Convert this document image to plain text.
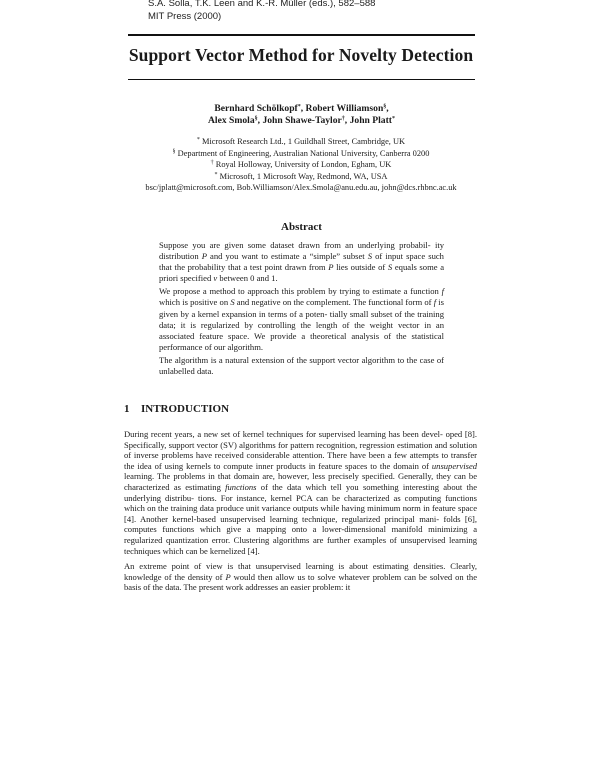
S.A. Solla, T.K. Leen and K.-R. Müller (eds.), 582–588
MIT Press (2000)
Support Vector Method for Novelty Detection
Bernhard Schölkopf*, Robert Williamson§,
Alex Smola§, John Shawe-Taylor†, John Platt*
* Microsoft Research Ltd., 1 Guildhall Street, Cambridge, UK
§ Department of Engineering, Australian National University, Canberra 0200
† Royal Holloway, University of London, Egham, UK
* Microsoft, 1 Microsoft Way, Redmond, WA, USA
bsc/jplatt@microsoft.com, Bob.Williamson/Alex.Smola@anu.edu.au, john@dcs.rhbnc.ac.uk
Abstract

Suppose you are given some dataset drawn from an underlying probabil- ity distribution P and you want to estimate a “simple” subset S of input space such that the probability that a test point drawn from P lies outside of S equals some a priori specified ν between 0 and 1.

We propose a method to approach this problem by trying to estimate a function f which is positive on S and negative on the complement. The functional form of f is given by a kernel expansion in terms of a poten- tially small subset of the training data; it is regularized by controlling the length of the weight vector in an associated feature space. We provide a theoretical analysis of the statistical performance of our algorithm.

The algorithm is a natural extension of the support vector algorithm to the case of unlabelled data.

1 INTRODUCTION

During recent years, a new set of kernel techniques for supervised learning has been devel- oped [8]. Specifically, support vector (SV) algorithms for pattern recognition, regression estimation and solution of inverse problems have received considerable attention. There have been a few attempts to transfer the idea of using kernels to compute inner products in feature spaces to the domain of unsupervised learning. The problems in that domain are, however, less precisely specified. Generally, they can be characterized as estimating functions of the data which tell you something interesting about the underlying distribu- tions. For instance, kernel PCA can be characterized as computing functions which on the training data produce unit variance outputs while having minimum norm in feature space [4]. Another kernel-based unsupervised learning technique, regularized principal mani- folds [6], computes functions which give a mapping onto a lower-dimensional manifold minimizing a regularized quantization error. Clustering algorithms are further examples of unsupervised learning techniques which can be kernelized [4].

An extreme point of view is that unsupervised learning is about estimating densities. Clearly, knowledge of the density of P would then allow us to solve whatever problem can be solved on the basis of the data. The present work addresses an easier problem: it
